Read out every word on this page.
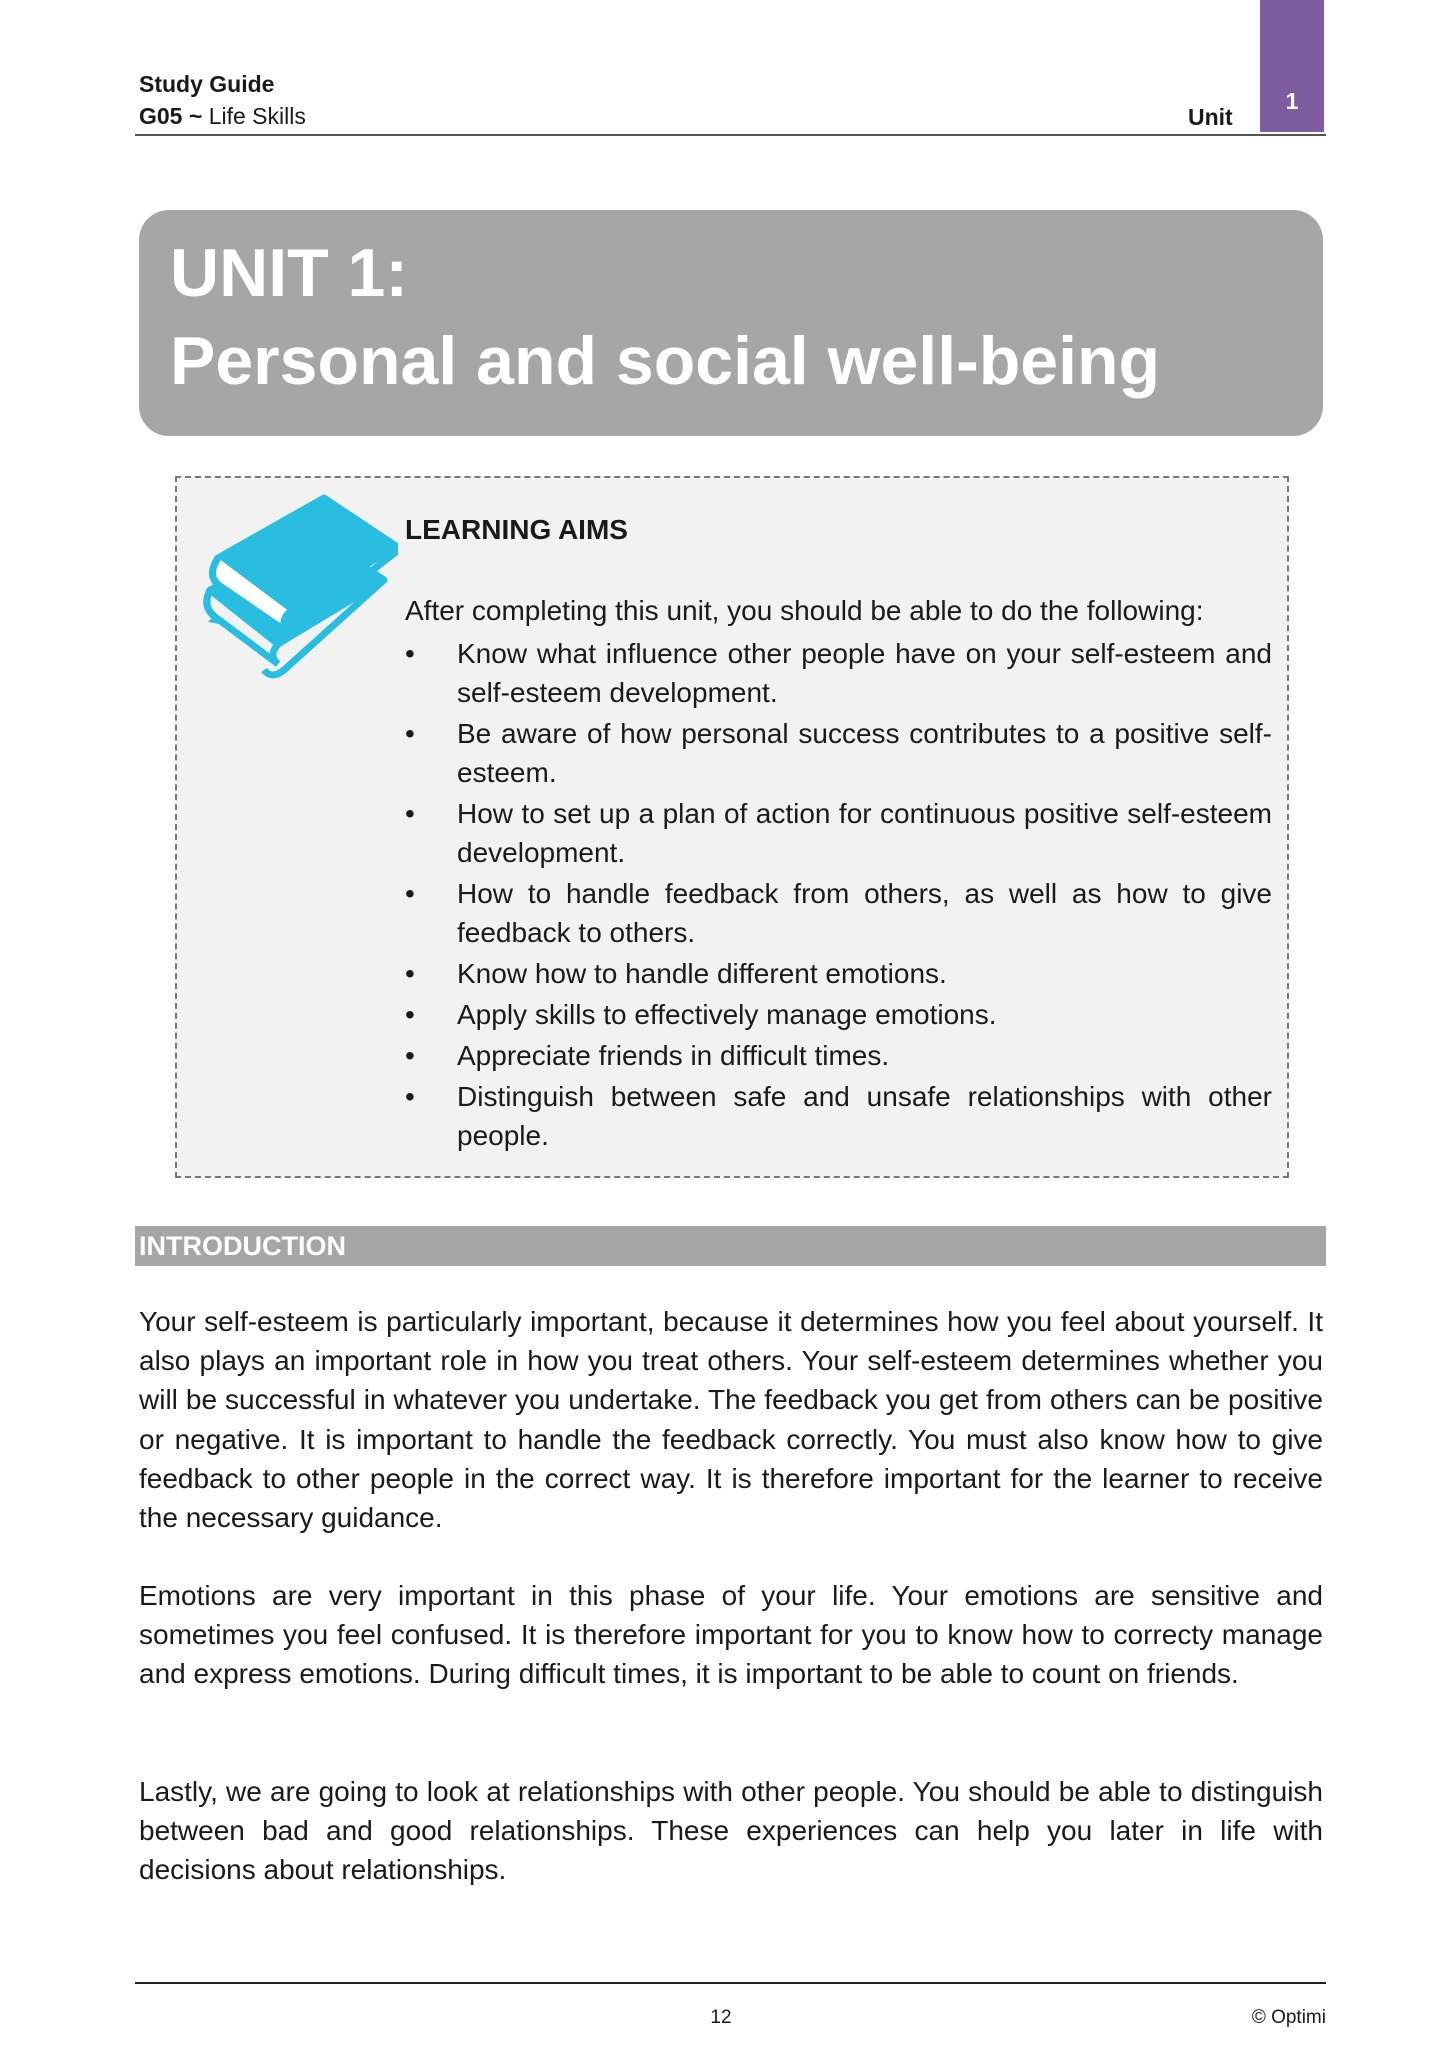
Study Guide
G05 ~ Life Skills	Unit
1
UNIT 1:
Personal and social well-being
LEARNING AIMS
After completing this unit, you should be able to do the following:
• Know what influence other people have on your self-esteem and self-esteem development.
• Be aware of how personal success contributes to a positive self-esteem.
• How to set up a plan of action for continuous positive self-esteem development.
• How to handle feedback from others, as well as how to give feedback to others.
• Know how to handle different emotions.
• Apply skills to effectively manage emotions.
• Appreciate friends in difficult times.
• Distinguish between safe and unsafe relationships with other people.
INTRODUCTION

Your self-esteem is particularly important, because it determines how you feel about yourself. It also plays an important role in how you treat others. Your self-esteem determines whether you will be successful in whatever you undertake. The feedback you get from others can be positive or negative. It is important to handle the feedback correctly. You must also know how to give feedback to other people in the correct way. It is therefore important for the learner to receive the necessary guidance.

Emotions are very important in this phase of your life. Your emotions are sensitive and sometimes you feel confused. It is therefore important for you to know how to correcty manage and express emotions. During difficult times, it is important to be able to count on friends.

Lastly, we are going to look at relationships with other people. You should be able to distinguish between bad and good relationships. These experiences can help you later in life with decisions about relationships.

12	© Optimi
